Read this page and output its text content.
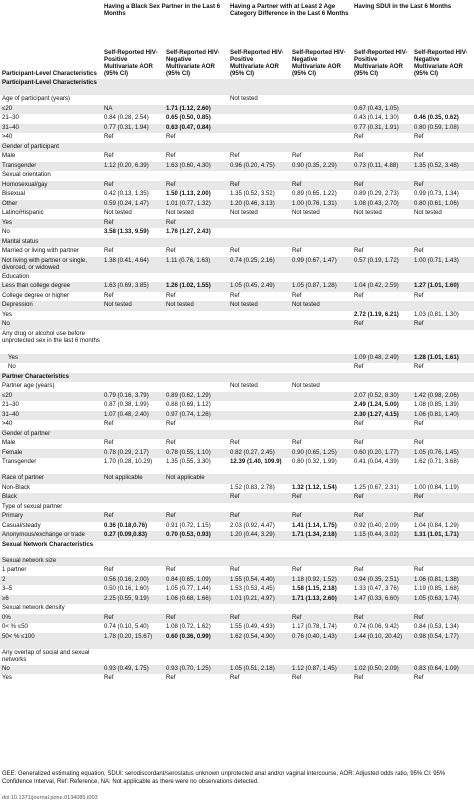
	Having a Black Sex Partner in the Last 6 Months		Having a Partner with at Least 2 Age Category Difference in the Last 6 Months		Having SDUI in the Last 6 Months	
Participant-Level Characteristics	Self-Reported HIV-Positive Multivariate AOR (95% CI)	Self-Reported HIV-Negative Multivariate AOR (95% CI)	Self-Reported HIV-Positive Multivariate AOR (95% CI)	Self-Reported HIV-Negative Multivariate AOR (95% CI)	Self-Reported HIV-Positive Multivariate AOR (95% CI)	Self-Reported HIV-Negative Multivariate AOR (95% CI)
Participant-Level Characteristics						
Age of participant (years)			Not tested			
≤20	NA	1.71 (1.12, 2.60)			0.67 (0.43, 1.05)	
21–30	0.84 (0.28, 2.54)	0.65 (0.50, 0.85)			0.43 (0.14, 1.30)	0.46 (0.35, 0.62)
31–40	0.77 (0.31, 1.94)	0.63 (0.47, 0.84)			0.77 (0.31, 1.91)	0.80 (0.59, 1.08)
>40	Ref	Ref			Ref	Ref
Gender of participant						
Male	Ref	Ref	Ref	Ref	Ref	Ref
Transgender	1.12 (0.20, 6.39)	1.63 (0.60, 4.30)	0.96 (0.20, 4.75)	0.90 (0.35, 2.29)	0.73 (0.11, 4.88)	1.35 (0.52, 3.48)
Sexual orientation						
Homosexual/gay	Ref	Ref	Ref	Ref	Ref	Ref
Bisexual	0.42 (0.13, 1.35)	1.50 (1.13, 2.00)	1.35 (0.52, 3.52)	0.89 (0.65, 1.22)	0.89 (0.29, 2.73)	0.99 (0.73, 1.34)
Other	0.59 (0.24, 1.47)	1.01 (0.77, 1.32)	1.20 (0.46, 3.13)	1.00 (0.76, 1.31)	1.08 (0.43, 2.70)	0.80 (0.61, 1.06)
Latino/Hispanic	Not tested	Not tested	Not tested	Not tested	Not tested	Not tested
Yes	Ref	Ref				
No	3.58 (1.33, 9.59)	1.76 (1.27, 2.43)				
Marital status						
Married or living with partner	Ref	Ref	Ref	Ref	Ref	Ref
Not living with partner or single, divorced, or widowed	1.38 (0.41, 4.64)	1.11 (0.76, 1.63)	0.74 (0.25, 2.16)	0.99 (0.67, 1.47)	0.57 (0.19, 1.72)	1.00 (0.71, 1.43)
Education						
Less than college degree	1.63 (0.69, 3.85)	1.26 (1.02, 1.55)	1.05 (0.45, 2.49)	1.05 (0.87, 1.28)	1.04 (0.42, 2.59)	1.27 (1.01, 1.60)
College degree or higher	Ref	Ref	Ref	Ref	Ref	Ref
Depression	Not tested	Not tested	Not tested	Not tested		
Yes					2.72 (1.19, 6.21)	1.03 (0.81, 1.30)
No					Ref	Ref
Any drug or alcohol use before unprotected sex in the last 6 months						
Yes					1.09 (0.48, 2.49)	1.28 (1.01, 1.61)
No					Ref	Ref
Partner Characteristics						
Partner age (years)			Not tested	Not tested		
≤20	0.79 (0.16, 3.79)	0.89 (0.62, 1.29)			2.07 (0.52, 8.30)	1.42 (0.98, 2.06)
21–30	0.87 (0.38, 1.99)	0.88 (0.69, 1.12)			2.49 (1.24, 5.00)	1.08 (0.85, 1.39)
31–40	1.07 (0.48, 2.40)	0.97 (0.74, 1.26)			2.30 (1.27, 4.15)	1.06 (0.81, 1.40)
>40	Ref	Ref			Ref	Ref
Gender of partner						
Male	Ref	Ref	Ref	Ref	Ref	Ref
Female	0.78 (0.29, 2.17)	0.78 (0.55, 1.10)	0.82 (0.27, 2.45)	0.90 (0.65, 1.25)	0.60 (0.20, 1.77)	1.05 (0.76, 1.45)
Transgender	1.70 (0.28, 10.29)	1.35 (0.55, 3.30)	12.39 (1.40, 109.9)	0.80 (0.32, 1.99)	0.41 (0.04, 4.39)	1.62 (0.71, 3.68)
Race of partner	Not applicable	Not applicable				
Non-Black			1.52 (0.83, 2.78)	1.32 (1.12, 1.54)	1.25 (0.67, 2.31)	1.00 (0.84, 1.19)
Black			Ref	Ref	Ref	Ref
Type of sexual partner						
Primary	Ref	Ref	Ref	Ref	Ref	Ref
Casual/steady	0.36 (0.18,0.76)	0.91 (0.72, 1.15)	2.03 (0.92, 4.47)	1.41 (1.14, 1.75)	0.92 (0.40, 2.09)	1.04 (0.84, 1.29)
Anonymous/exchange or trade	0.27 (0.09,0.83)	0.70 (0.53, 0.93)	1.20 (0.44, 3.29)	1.71 (1.34, 2.18)	1.15 (0.44, 3.02)	1.31 (1.01, 1.71)
Sexual Network Characteristics						
Sexual network size						
1 partner	Ref	Ref	Ref	Ref	Ref	Ref
2	0.56 (0.16, 2.00)	0.84 (0.65, 1.09)	1.55 (0.54, 4.40)	1.18 (0.92, 1.52)	0.94 (0.35, 2.51)	1.06 (0.81, 1.38)
3–5	0.50 (0.16, 1.60)	1.05 (0.77, 1.44)	1.53 (0.53, 4.45)	1.58 (1.15, 2.18)	1.33 (0.47, 3.76)	1.19 (0.85, 1.68)
≥6	2.25 (0.55, 9.19)	1.06 (0.68, 1.66)	1.01 (0.21, 4.97)	1.71 (1.13, 2.60)	1.47 (0.33, 6.60)	1.05 (0.63, 1.74)
Sexual network density						
0%	Ref	Ref	Ref	Ref	Ref	Ref
0< % ≤50	0.74 (0.10, 5.40)	1.08 (0.72, 1.62)	1.55 (0.49, 4.93)	1.17 (0.78, 1.74)	0.74 (0.06, 9.42)	0.84 (0.53, 1.34)
50< % ≤100	1.78 (0.20, 15.67)	0.60 (0.36, 0.99)	1.62 (0.54, 4.90)	0.76 (0.40, 1.43)	1.44 (0.10, 20.42)	0.98 (0.54, 1.77)
Any overlap of social and sexual networks						
No	0.93 (0.49, 1.75)	0.93 (0.70, 1.25)	1.05 (0.51, 2.18)	1.12 (0.87, 1.45)	1.02 (0.50, 2.09)	0.83 (0.64, 1.09)
Yes	Ref	Ref	Ref	Ref	Ref	Ref
GEE: Generalized estimating equation, SDUI: serodiscordant/serostatus unknown unprotected anal and/or vaginal intercourse, AOR: Adjusted odds ratio, 95% CI: 95% Confidence Interval, Ref: Reference, NA: Not applicable as there were no observations detected.
doi:10.1371/journal.pone.0134085.t003
